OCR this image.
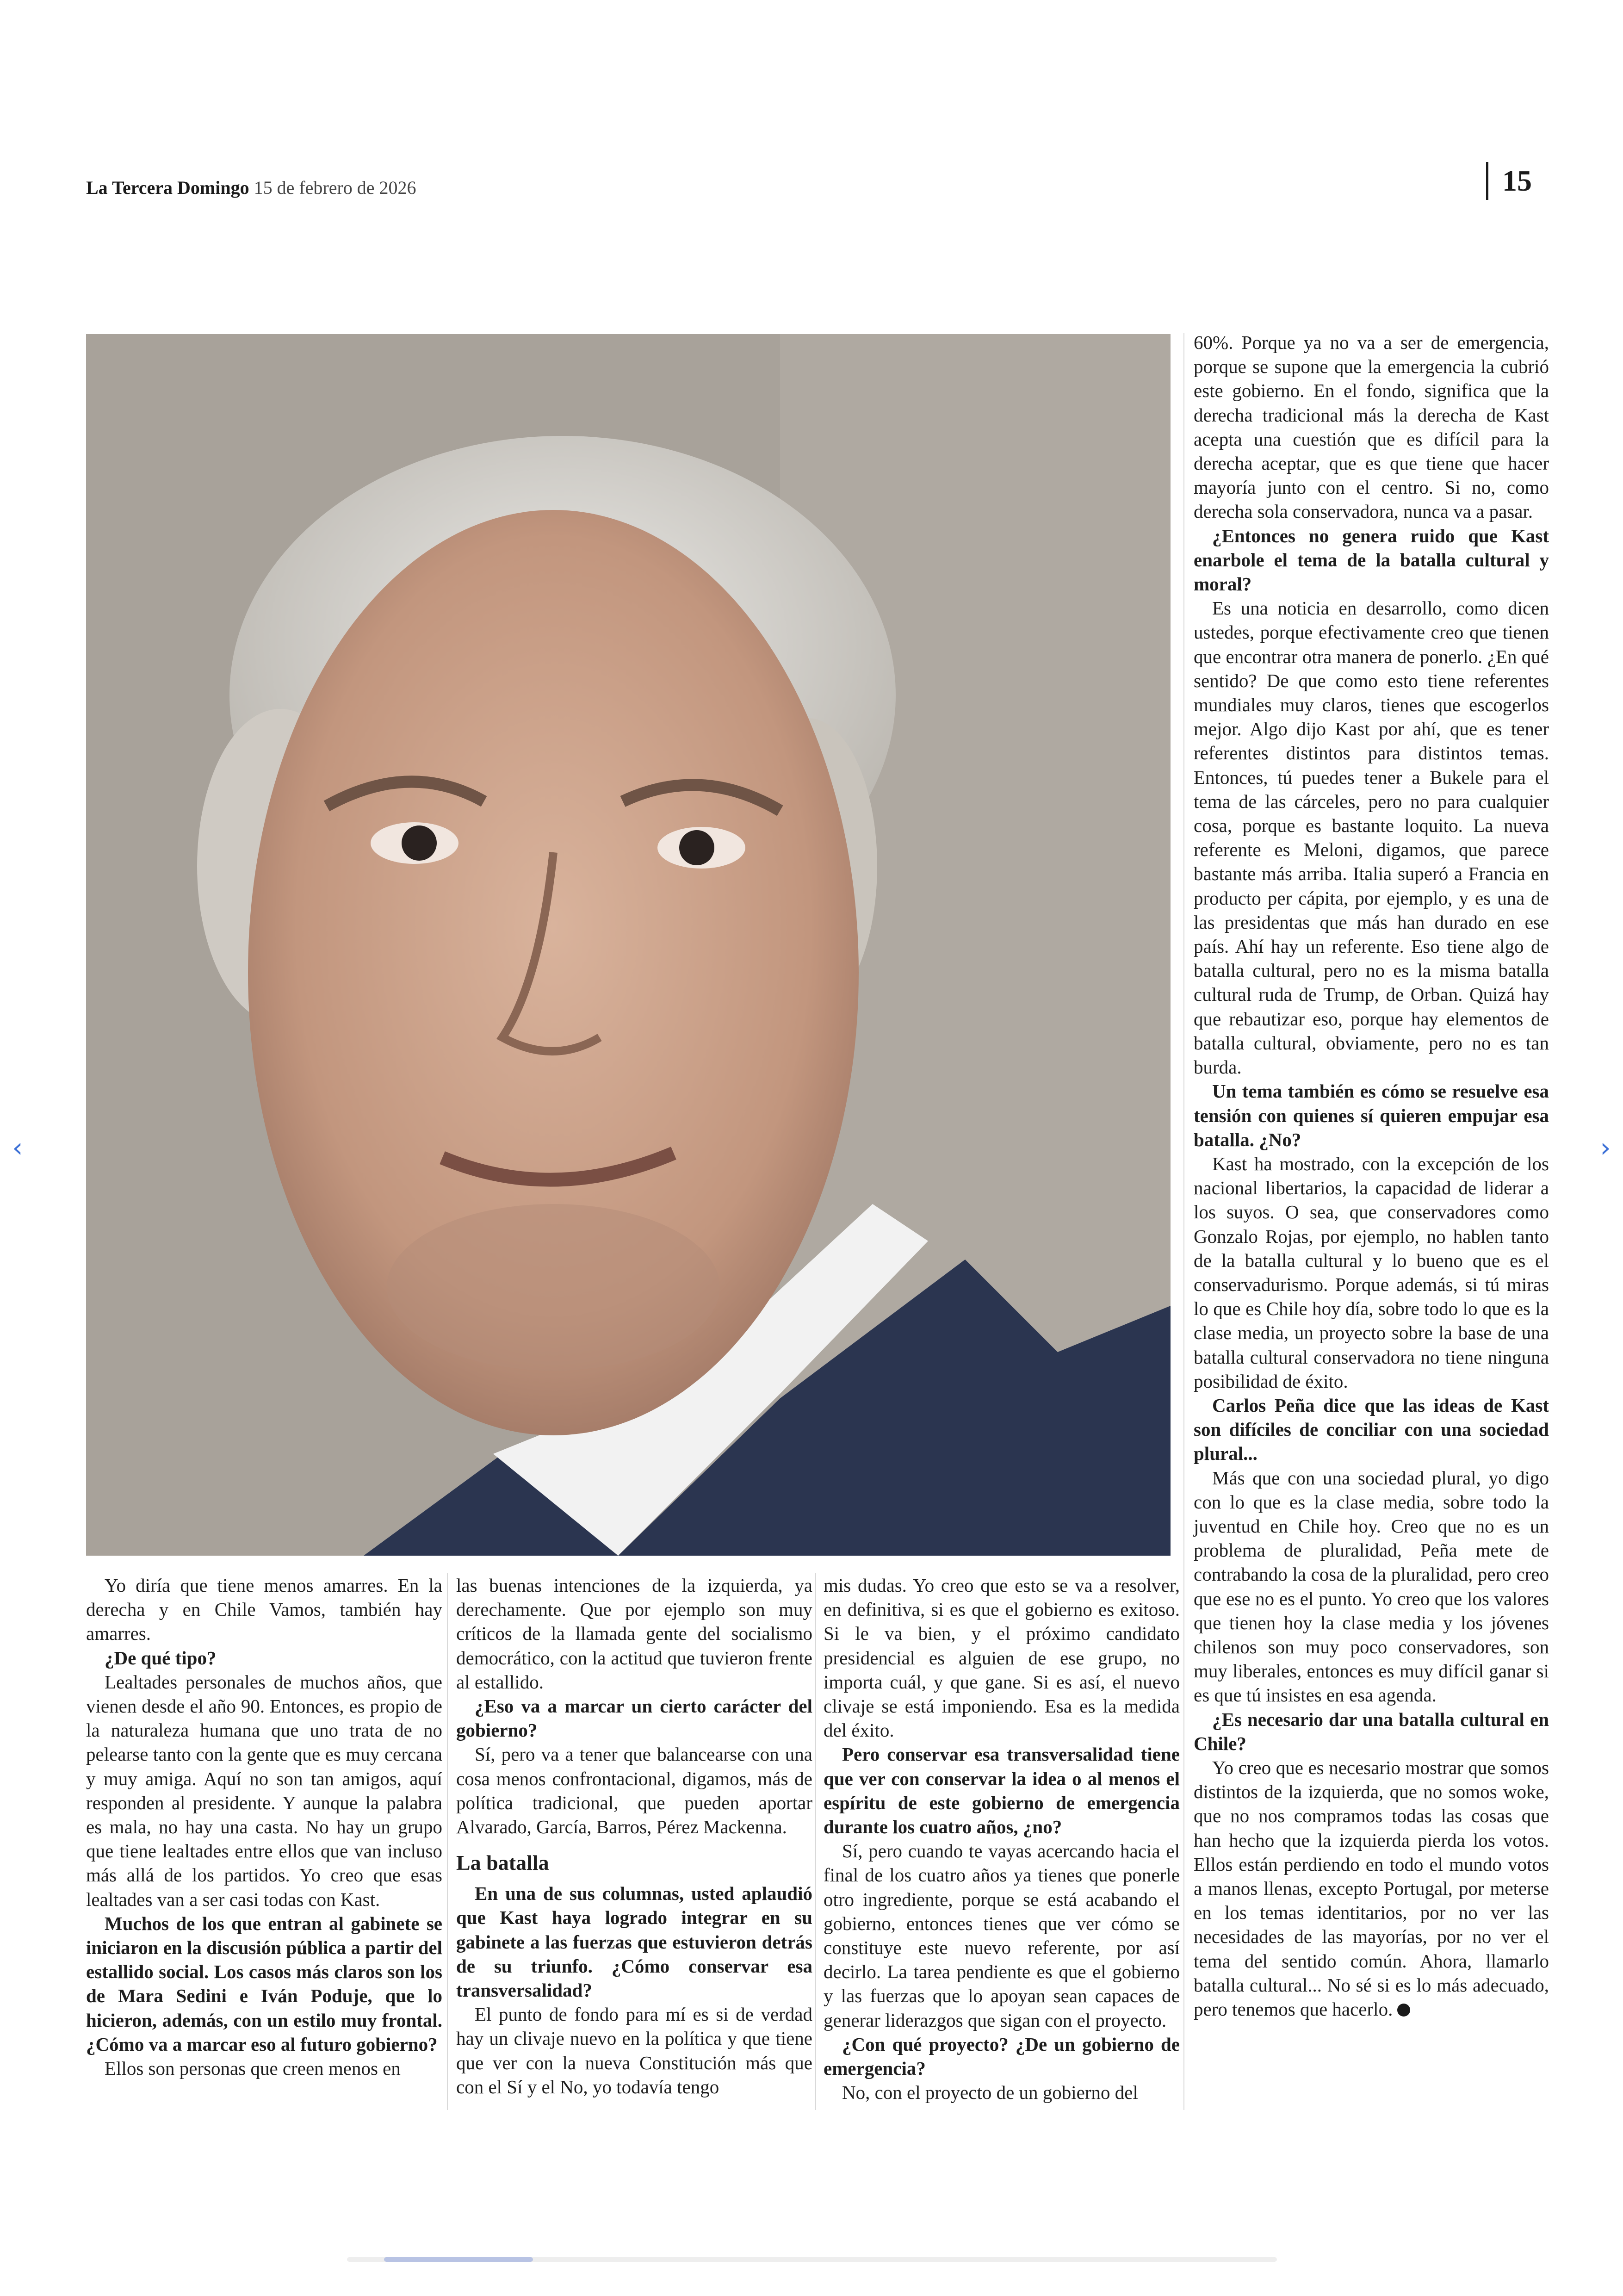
La Tercera Domingo 15 de febrero de 2026	15

Yo diría que tiene menos amarres. En la derecha y en Chile Vamos, también hay amarres.

¿De qué tipo?

Lealtades personales de muchos años, que vienen desde el año 90. Entonces, es propio de la naturaleza humana que uno trata de no pelearse tanto con la gente que es muy cercana y muy amiga. Aquí no son tan amigos, aquí responden al presidente. Y aunque la palabra es mala, no hay una casta. No hay un grupo que tiene lealtades entre ellos que van incluso más allá de los partidos. Yo creo que esas lealtades van a ser casi todas con Kast.

Muchos de los que entran al gabinete se iniciaron en la discusión pública a partir del estallido social. Los casos más claros son los de Mara Sedini e Iván Poduje, que lo hicieron, además, con un estilo muy frontal. ¿Cómo va a marcar eso al futuro gobierno?

Ellos son personas que creen menos en

las buenas intenciones de la izquierda, ya derechamente. Que por ejemplo son muy críticos de la llamada gente del socialismo democrático, con la actitud que tuvieron frente al estallido.

¿Eso va a marcar un cierto carácter del gobierno?

Sí, pero va a tener que balancearse con una cosa menos confrontacional, digamos, más de política tradicional, que pueden aportar Alvarado, García, Barros, Pérez Mackenna.

La batalla

En una de sus columnas, usted aplaudió que Kast haya logrado integrar en su gabinete a las fuerzas que estuvieron detrás de su triunfo. ¿Cómo conservar esa transversalidad?

El punto de fondo para mí es si de verdad hay un clivaje nuevo en la política y que tiene que ver con la nueva Constitución más que con el Sí y el No, yo todavía tengo

mis dudas. Yo creo que esto se va a resolver, en definitiva, si es que el gobierno es exitoso. Si le va bien, y el próximo candidato presidencial es alguien de ese grupo, no importa cuál, y que gane. Si es así, el nuevo clivaje se está imponiendo. Esa es la medida del éxito.

Pero conservar esa transversalidad tiene que ver con conservar la idea o al menos el espíritu de este gobierno de emergencia durante los cuatro años, ¿no?

Sí, pero cuando te vayas acercando hacia el final de los cuatro años ya tienes que ponerle otro ingrediente, porque se está acabando el gobierno, entonces tienes que ver cómo se constituye este nuevo referente, por así decirlo. La tarea pendiente es que el gobierno y las fuerzas que lo apoyan sean capaces de generar liderazgos que sigan con el proyecto.

¿Con qué proyecto? ¿De un gobierno de emergencia?

No, con el proyecto de un gobierno del

60%. Porque ya no va a ser de emergencia, porque se supone que la emergencia la cubrió este gobierno. En el fondo, significa que la derecha tradicional más la derecha de Kast acepta una cuestión que es difícil para la derecha aceptar, que es que tiene que hacer mayoría junto con el centro. Si no, como derecha sola conservadora, nunca va a pasar.

¿Entonces no genera ruido que Kast enarbole el tema de la batalla cultural y moral?

Es una noticia en desarrollo, como dicen ustedes, porque efectivamente creo que tienen que encontrar otra manera de ponerlo. ¿En qué sentido? De que como esto tiene referentes mundiales muy claros, tienes que escogerlos mejor. Algo dijo Kast por ahí, que es tener referentes distintos para distintos temas. Entonces, tú puedes tener a Bukele para el tema de las cárceles, pero no para cualquier cosa, porque es bastante loquito. La nueva referente es Meloni, digamos, que parece bastante más arriba. Italia superó a Francia en producto per cápita, por ejemplo, y es una de las presidentas que más han durado en ese país. Ahí hay un referente. Eso tiene algo de batalla cultural, pero no es la misma batalla cultural ruda de Trump, de Orban. Quizá hay que rebautizar eso, porque hay elementos de batalla cultural, obviamente, pero no es tan burda.

Un tema también es cómo se resuelve esa tensión con quienes sí quieren empujar esa batalla. ¿No?

Kast ha mostrado, con la excepción de los nacional libertarios, la capacidad de liderar a los suyos. O sea, que conservadores como Gonzalo Rojas, por ejemplo, no hablen tanto de la batalla cultural y lo bueno que es el conservadurismo. Porque además, si tú miras lo que es Chile hoy día, sobre todo lo que es la clase media, un proyecto sobre la base de una batalla cultural conservadora no tiene ninguna posibilidad de éxito.

Carlos Peña dice que las ideas de Kast son difíciles de conciliar con una sociedad plural...

Más que con una sociedad plural, yo digo con lo que es la clase media, sobre todo la juventud en Chile hoy. Creo que no es un problema de pluralidad, Peña mete de contrabando la cosa de la pluralidad, pero creo que ese no es el punto. Yo creo que los valores que tienen hoy la clase media y los jóvenes chilenos son muy poco conservadores, son muy liberales, entonces es muy difícil ganar si es que tú insistes en esa agenda.

¿Es necesario dar una batalla cultural en Chile?

Yo creo que es necesario mostrar que somos distintos de la izquierda, que no somos woke, que no nos compramos todas las cosas que han hecho que la izquierda pierda los votos. Ellos están perdiendo en todo el mundo votos a manos llenas, excepto Portugal, por meterse en los temas identitarios, por no ver las necesidades de las mayorías, por no ver el tema del sentido común. Ahora, llamarlo batalla cultural... No sé si es lo más adecuado, pero tenemos que hacerlo.

‹	›
